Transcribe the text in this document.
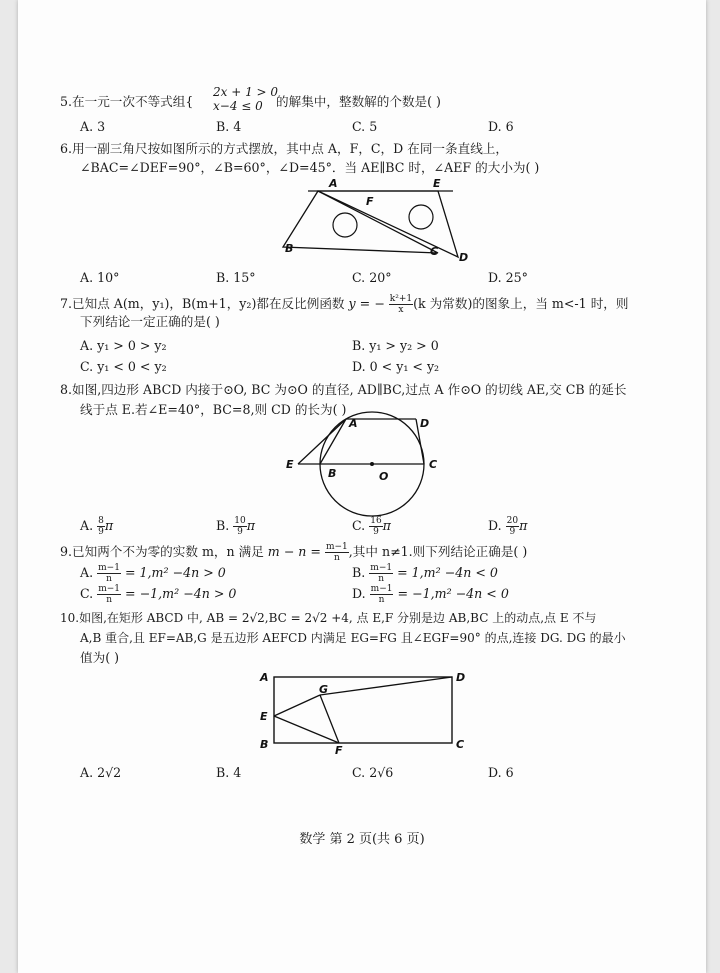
5.在一元一次不等式组{
2x + 1 > 0
x−4 ≤ 0 的解集中，整数解的个数是( )
A. 3	B. 4	C. 5	D. 6
6.用一副三角尺按如图所示的方式摆放，其中点 A，F，C，D 在同一条直线上，
∠BAC=∠DEF=90°，∠B=60°，∠D=45°．当 AE∥BC 时，∠AEF 的大小为( )
A	E
F
B	C D
A. 10°	B. 15°	C. 20°	D. 25°
7.已知点 A(m，y₁)，B(m+1，y₂)都在反比例函数 y = − $\frac{\text{k²+1}}{x} (k$ 为常数)的图象上，当 m<-1 时，则
下列结论一定正确的是( )
A. y₁ > 0 > y₂	B. y₁ > y₂ > 0
C. y₁ < 0 < y₂	D. 0 < y₁ < y₂
8.如图,四边形 ABCD 内接于⊙O, BC 为⊙O 的直径, AD∥BC,过点 A 作⊙O 的切线 AE,交 CB 的延长
线于点 E.若∠E=40°，BC=8,则 CD 的长为( )
A	D
E
B	O
C
A. $\frac{8}{9}$ π	B. $\frac{10}{9}$ π	C. $\frac{16}{9}$ π	D. $\frac{20}{9}$ π
9.已知两个不为零的实数 m，n 满足 $m - n = \frac{m-1}{n}$ ,其中 n≠1.则下列结论正确是( )
A. $\frac{m-1}{n} = 1,m^2 -4n > 0$	B. $\frac{m-1}{n} = 1,m^2 -4n < 0$
C. $\frac{m-1}{n} = -1,m^2 -4n > 0$	D. $\frac{m-1}{n} = -1,m^2 -4n < 0$
10.如图,在矩形 ABCD 中, AB = 2√2,BC = 2√2 +4, 点 E,F 分别是边 AB,BC 上的动点,点 E 不与
A,B 重合,且 EF=AB,G 是五边形 AEFCD 内满足 EG=FG 且∠EGF=90° 的点,连接 DG. DG 的最小
值为( )
A	D
G
E
B	F	C
A. 2√2	B. 4	C. 2√6	D. 6
数学 第 2 页(共 6 页)
